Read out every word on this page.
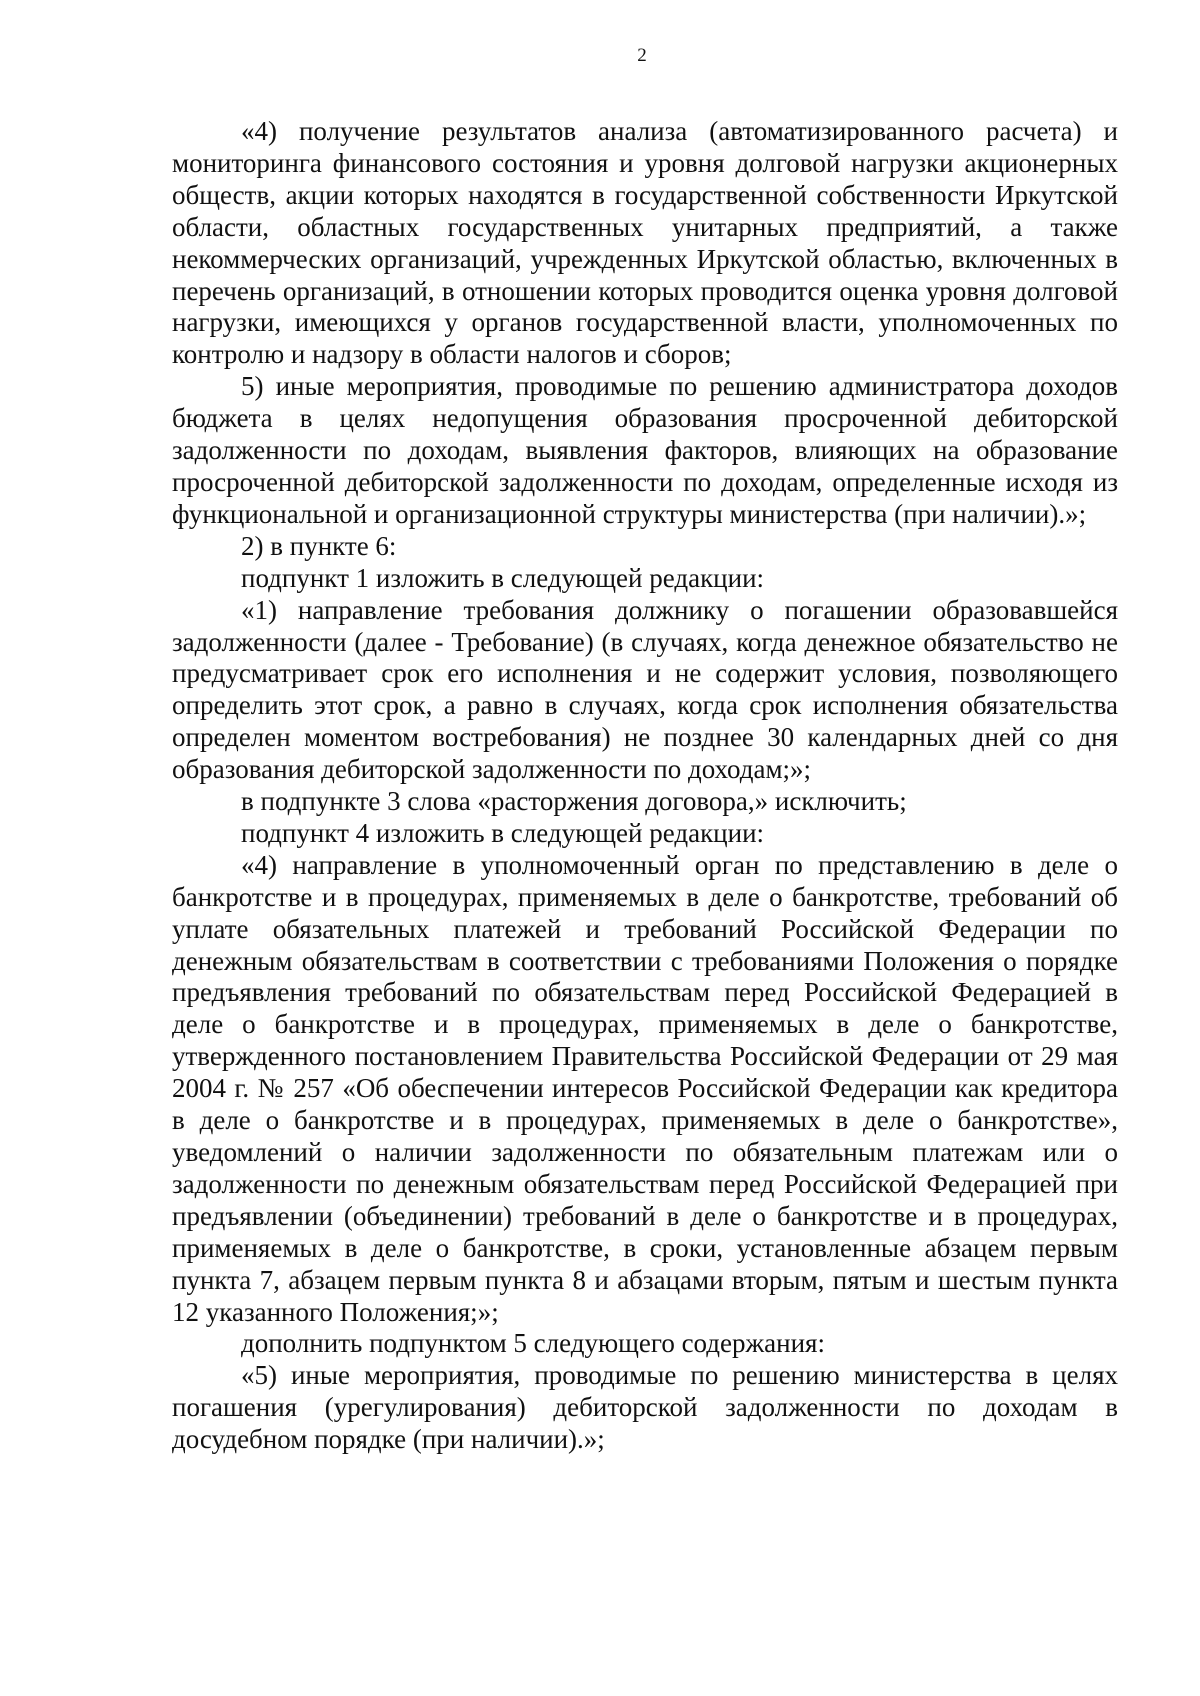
2

«4) получение результатов анализа (автоматизированного расчета) и мониторинга финансового состояния и уровня долговой нагрузки акционерных обществ, акции которых находятся в государственной собственности Иркутской области, областных государственных унитарных предприятий, а также некоммерческих организаций, учрежденных Иркутской областью, включенных в перечень организаций, в отношении которых проводится оценка уровня долговой нагрузки, имеющихся у органов государственной власти, уполномоченных по контролю и надзору в области налогов и сборов;

5) иные мероприятия, проводимые по решению администратора доходов бюджета в целях недопущения образования просроченной дебиторской задолженности по доходам, выявления факторов, влияющих на образование просроченной дебиторской задолженности по доходам, определенные исходя из функциональной и организационной структуры министерства (при наличии).»;

2) в пункте 6:

подпункт 1 изложить в следующей редакции:

«1) направление требования должнику о погашении образовавшейся задолженности (далее - Требование) (в случаях, когда денежное обязательство не предусматривает срок его исполнения и не содержит условия, позволяющего определить этот срок, а равно в случаях, когда срок исполнения обязательства определен моментом востребования) не позднее 30 календарных дней со дня образования дебиторской задолженности по доходам;»;

в подпункте 3 слова «расторжения договора,» исключить;

подпункт 4 изложить в следующей редакции:

«4) направление в уполномоченный орган по представлению в деле о банкротстве и в процедурах, применяемых в деле о банкротстве, требований об уплате обязательных платежей и требований Российской Федерации по денежным обязательствам в соответствии с требованиями Положения о порядке предъявления требований по обязательствам перед Российской Федерацией в деле о банкротстве и в процедурах, применяемых в деле о банкротстве, утвержденного постановлением Правительства Российской Федерации от 29 мая 2004 г. № 257 «Об обеспечении интересов Российской Федерации как кредитора в деле о банкротстве и в процедурах, применяемых в деле о банкротстве», уведомлений о наличии задолженности по обязательным платежам или о задолженности по денежным обязательствам перед Российской Федерацией при предъявлении (объединении) требований в деле о банкротстве и в процедурах, применяемых в деле о банкротстве, в сроки, установленные абзацем первым пункта 7, абзацем первым пункта 8 и абзацами вторым, пятым и шестым пункта 12 указанного Положения;»;

дополнить подпунктом 5 следующего содержания:

«5) иные мероприятия, проводимые по решению министерства в целях погашения (урегулирования) дебиторской задолженности по доходам в досудебном порядке (при наличии).»;
